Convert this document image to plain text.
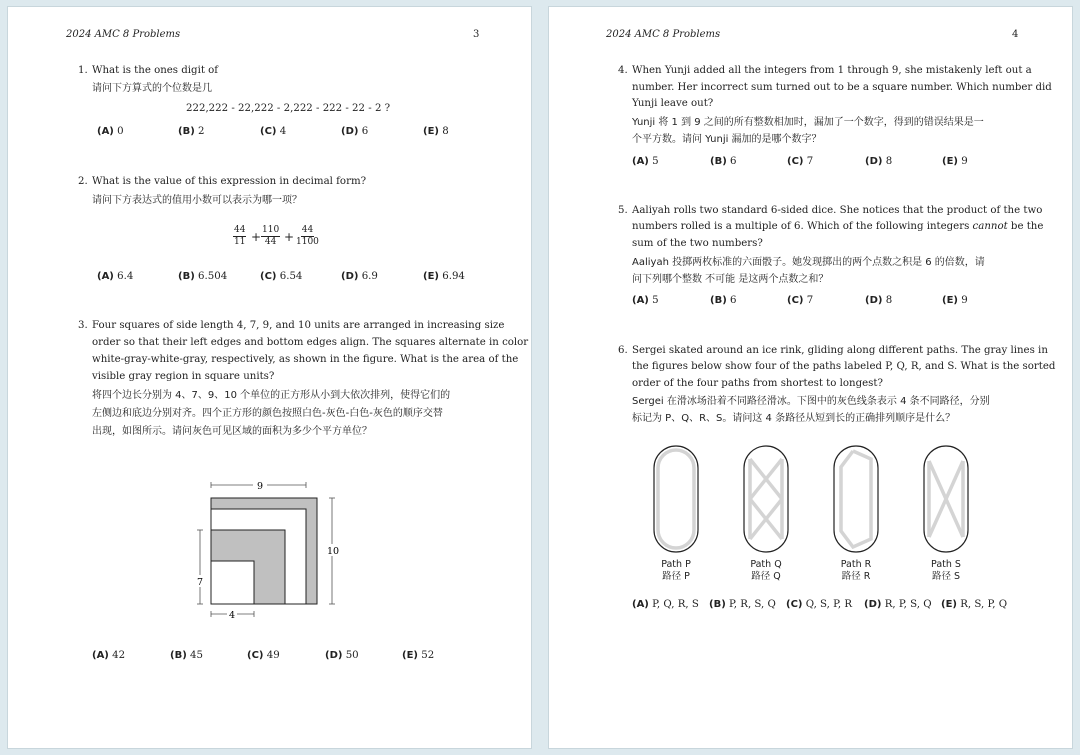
2024 AMC 8 Problems	3
1. What is the ones digit of
请问下方算式的个位数是几
222,222 - 22,222 - 2,222 - 222 - 22 - 2 ?
(A) 0	(B) 2	(C) 4	(D) 6	(E) 8
2. What is the value of this expression in decimal form?
请问下方表达式的值用小数可以表示为哪一项？
$\frac{44}{11} + \frac{110}{44} + \frac{44}{1100}$
(A) 6.4	(B) 6.504	(C) 6.54	(D) 6.9	(E) 6.94
3. Four squares of side length 4, 7, 9, and 10 units are arranged in increasing size
order so that their left edges and bottom edges align. The squares alternate in color
white-gray-white-gray, respectively, as shown in the figure. What is the area of the
visible gray region in square units?
将四个边长分别为 4、7、9、10 个单位的正方形从小到大依次排列，使得它们的
左侧边和底边分别对齐。四个正方形的颜色按照白色-灰色-白色-灰色的顺序交替
出现，如图所示。请问灰色可见区域的面积为多少个平方单位？
9
10
7
4
(A) 42	(B) 45	(C) 49	(D) 50	(E) 52
2024 AMC 8 Problems	4
4. When Yunji added all the integers from 1 through 9, she mistakenly left out a
number. Her incorrect sum turned out to be a square number. Which number did
Yunji leave out?
Yunji 将 1 到 9 之间的所有整数相加时，漏加了一个数字，得到的错误结果是一
个平方数。请问 Yunji 漏加的是哪个数字？
(A) 5	(B) 6	(C) 7	(D) 8	(E) 9
5. Aaliyah rolls two standard 6-sided dice. She notices that the product of the two
numbers rolled is a multiple of 6. Which of the following integers cannot be the
sum of the two numbers?
Aaliyah 投掷两枚标准的六面骰子。她发现掷出的两个点数之积是 6 的倍数，请
问下列哪个整数 不可能 是这两个点数之和？
(A) 5	(B) 6	(C) 7	(D) 8	(E) 9
6. Sergei skated around an ice rink, gliding along different paths. The gray lines in
the figures below show four of the paths labeled P, Q, R, and S. What is the sorted
order of the four paths from shortest to longest?
Sergei 在滑冰场沿着不同路径滑冰。下图中的灰色线条表示 4 条不同路径，分别
标记为 P、Q、R、S。请问这 4 条路径从短到长的正确排列顺序是什么？
Path P
路径 P
Path Q
路径 Q
Path R
路径 R
Path S
路径 S
(A) P, Q, R, S (B) P, R, S, Q (C) Q, S, P, R (D) R, P, S, Q (E) R, S, P, Q
